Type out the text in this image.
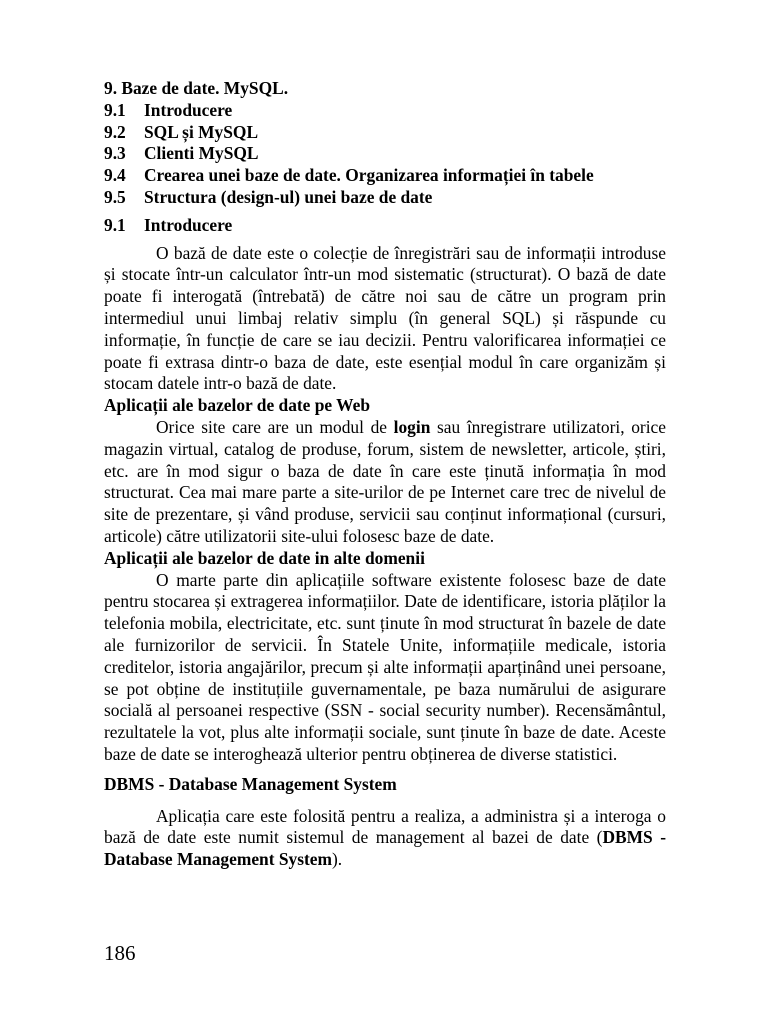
9. Baze de date. MySQL.
9.1 Introducere
9.2 SQL și MySQL
9.3 Clienti MySQL
9.4 Crearea unei baze de date. Organizarea informației în tabele
9.5 Structura (design-ul) unei baze de date
9.1 Introducere

O bază de date este o colecție de înregistrări sau de informații introduse și stocate într-un calculator într-un mod sistematic (structurat). O bază de date poate fi interogată (întrebată) de către noi sau de către un program prin intermediul unui limbaj relativ simplu (în general SQL) și răspunde cu informație, în funcție de care se iau decizii. Pentru valorificarea informației ce poate fi extrasa dintr-o baza de date, este esențial modul în care organizăm și stocam datele intr-o bază de date.

Aplicații ale bazelor de date pe Web

Orice site care are un modul de login sau înregistrare utilizatori, orice magazin virtual, catalog de produse, forum, sistem de newsletter, articole, știri, etc. are în mod sigur o baza de date în care este ținută informația în mod structurat. Cea mai mare parte a site-urilor de pe Internet care trec de nivelul de site de prezentare, și vând produse, servicii sau conținut informațional (cursuri, articole) către utilizatorii site-ului folosesc baze de date.

Aplicații ale bazelor de date in alte domenii

O marte parte din aplicațiile software existente folosesc baze de date pentru stocarea și extragerea informațiilor. Date de identificare, istoria plăților la telefonia mobila, electricitate, etc. sunt ținute în mod structurat în bazele de date ale furnizorilor de servicii. În Statele Unite, informațiile medicale, istoria creditelor, istoria angajărilor, precum și alte informații aparținând unei persoane, se pot obține de instituțiile guvernamentale, pe baza numărului de asigurare socială al persoanei respective (SSN - social security number). Recensământul, rezultatele la vot, plus alte informații sociale, sunt ținute în baze de date. Aceste baze de date se interoghează ulterior pentru obținerea de diverse statistici.

DBMS - Database Management System

Aplicația care este folosită pentru a realiza, a administra și a interoga o bază de date este numit sistemul de management al bazei de date (DBMS - Database Management System).

186
